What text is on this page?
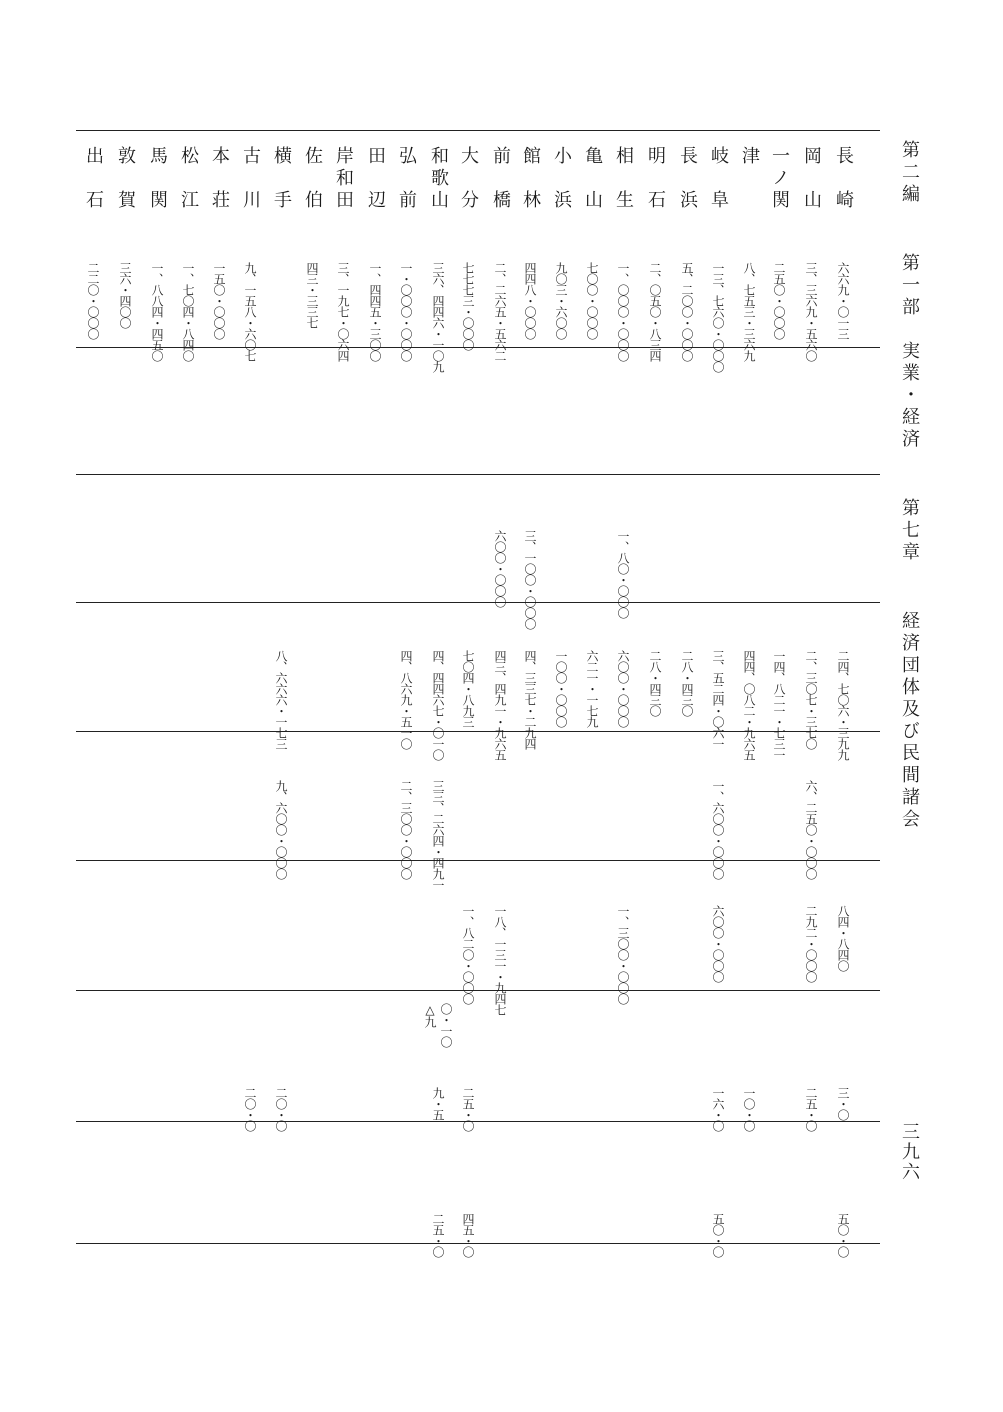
第二編 第一部　実業・経済 第七章 経済団体及び民間諸会
三九六
長崎
六六九・〇一三
二四、七〇六・三九九
八四・八四〇
三・〇
五〇・〇
岡山
三、三六九・五六〇
二、三〇七・三七〇
六、二五〇・〇〇〇
二九二・〇〇〇
二五・〇
一ノ関
二五〇・〇〇〇
一四、八二一・七三一
津
八、七五三・三六九
四四、〇八二・九六五
一〇・〇
岐阜
一三、七六〇・〇〇〇
三、五二四・〇六一
一、六〇〇・〇〇〇
六〇〇・〇〇〇
一六・〇
五〇・〇
長浜
五、二〇〇・〇〇〇
二八・四三〇
明石
二、〇五〇・八三四
二八・四三〇
相生
一、〇〇〇・〇〇〇
一、八〇・〇〇〇
六〇〇・〇〇〇
一、三〇〇・〇〇〇
亀山
七〇〇・〇〇〇
六二一・一七九
小浜
九〇三・六〇〇
一〇〇・〇〇〇
館林
四四八・〇〇〇
三、一〇〇・〇〇〇
四、三三七・二九四
前橋
二、二六五・五六二
六〇〇・〇〇〇
四三、四九一・九六五
一八、一三一・九四七
大分
七七七三・〇〇〇
七〇四・八九三
一、八二〇・〇〇〇
二五・〇
四五・〇
和歌山
三六、四四六・一〇九
四、四四六七・〇一〇
三三、二六四・四九一
〇・一〇
△九
九・五
二五・〇
弘前
一・〇〇〇・〇〇〇
四、八六九・五一〇
二、三〇〇・〇〇〇
田辺
一、四四五・三〇〇
岸和田
三、一九七・〇六四
佐伯
四三・三三七
横手
八、六六六・一七三
九、六〇〇・〇〇〇
二〇・〇
古川
九、一五八・六〇七
二〇・〇
本荘
一五〇・〇〇〇
松江
一、七〇四・八四〇
馬関
一、八八四・四五〇
敦賀
三六・四〇〇
出石
二二〇・〇〇〇
